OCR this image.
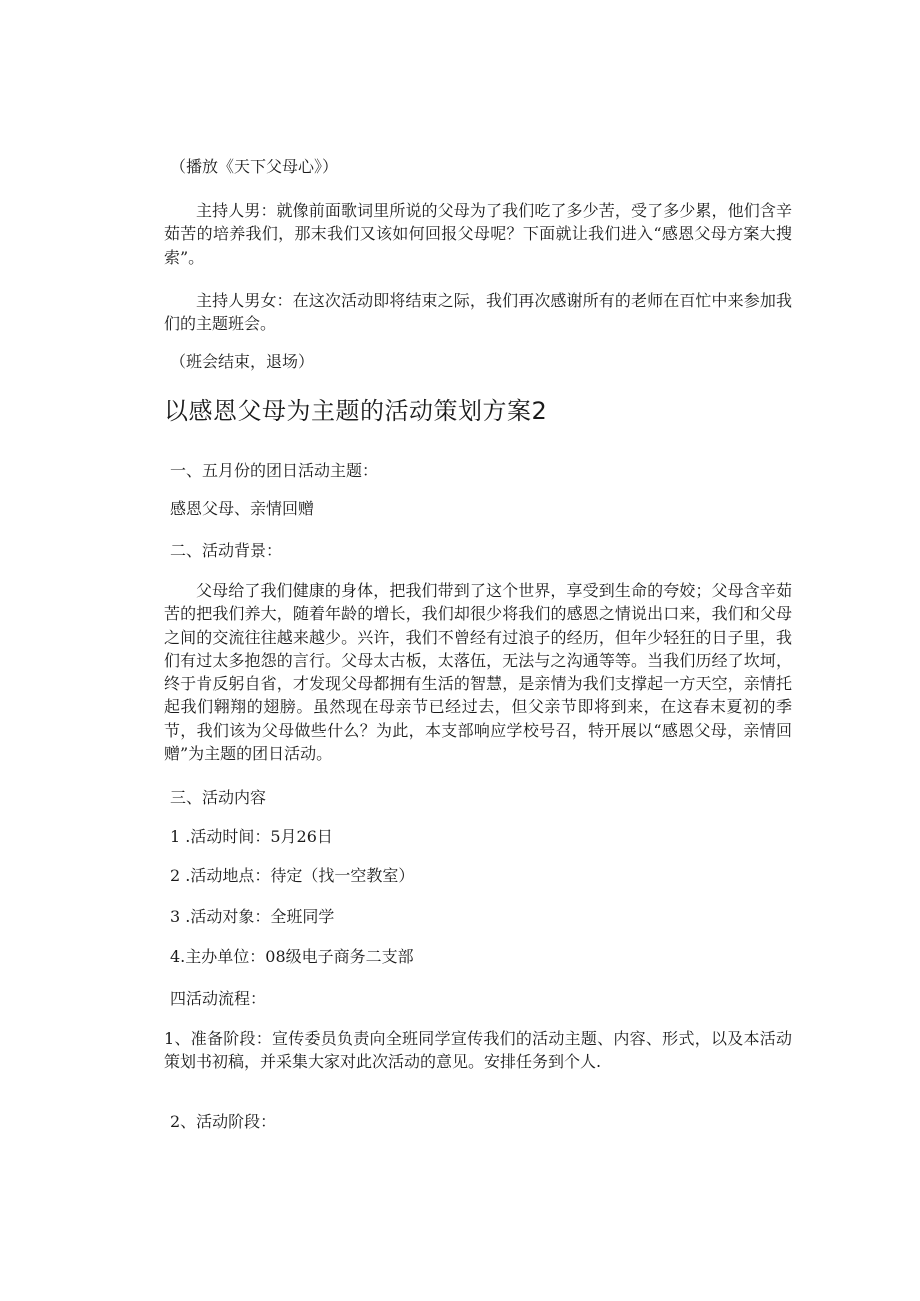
（播放《天下父母心》）
主持人男：就像前面歌词里所说的父母为了我们吃了多少苦，受了多少累，他们含辛茹苦的培养我们，那末我们又该如何回报父母呢？下面就让我们进入“感恩父母方案大搜索”。
主持人男女：在这次活动即将结束之际，我们再次感谢所有的老师在百忙中来参加我们的主题班会。
（班会结束，退场）
以感恩父母为主题的活动策划方案2
一、五月份的团日活动主题：
感恩父母、亲情回赠
二、活动背景：
父母给了我们健康的身体，把我们带到了这个世界，享受到生命的夸姣；父母含辛茹苦的把我们养大，随着年龄的增长，我们却很少将我们的感恩之情说出口来，我们和父母之间的交流往往越来越少。兴许，我们不曾经有过浪子的经历，但年少轻狂的日子里，我们有过太多抱怨的言行。父母太古板，太落伍，无法与之沟通等等。当我们历经了坎坷，终于肯反躬自省，才发现父母都拥有生活的智慧，是亲情为我们支撑起一方天空，亲情托起我们翱翔的翅膀。虽然现在母亲节已经过去，但父亲节即将到来，在这春末夏初的季节，我们该为父母做些什么？为此，本支部响应学校号召，特开展以“感恩父母，亲情回赠”为主题的团日活动。
三、活动内容
1 .活动时间：5月26日
2 .活动地点：待定（找一空教室）
3 .活动对象：全班同学
4.主办单位：08级电子商务二支部
四活动流程：
1、准备阶段：宣传委员负责向全班同学宣传我们的活动主题、内容、形式，以及本活动策划书初稿，并采集大家对此次活动的意见。安排任务到个人.
2、活动阶段：
